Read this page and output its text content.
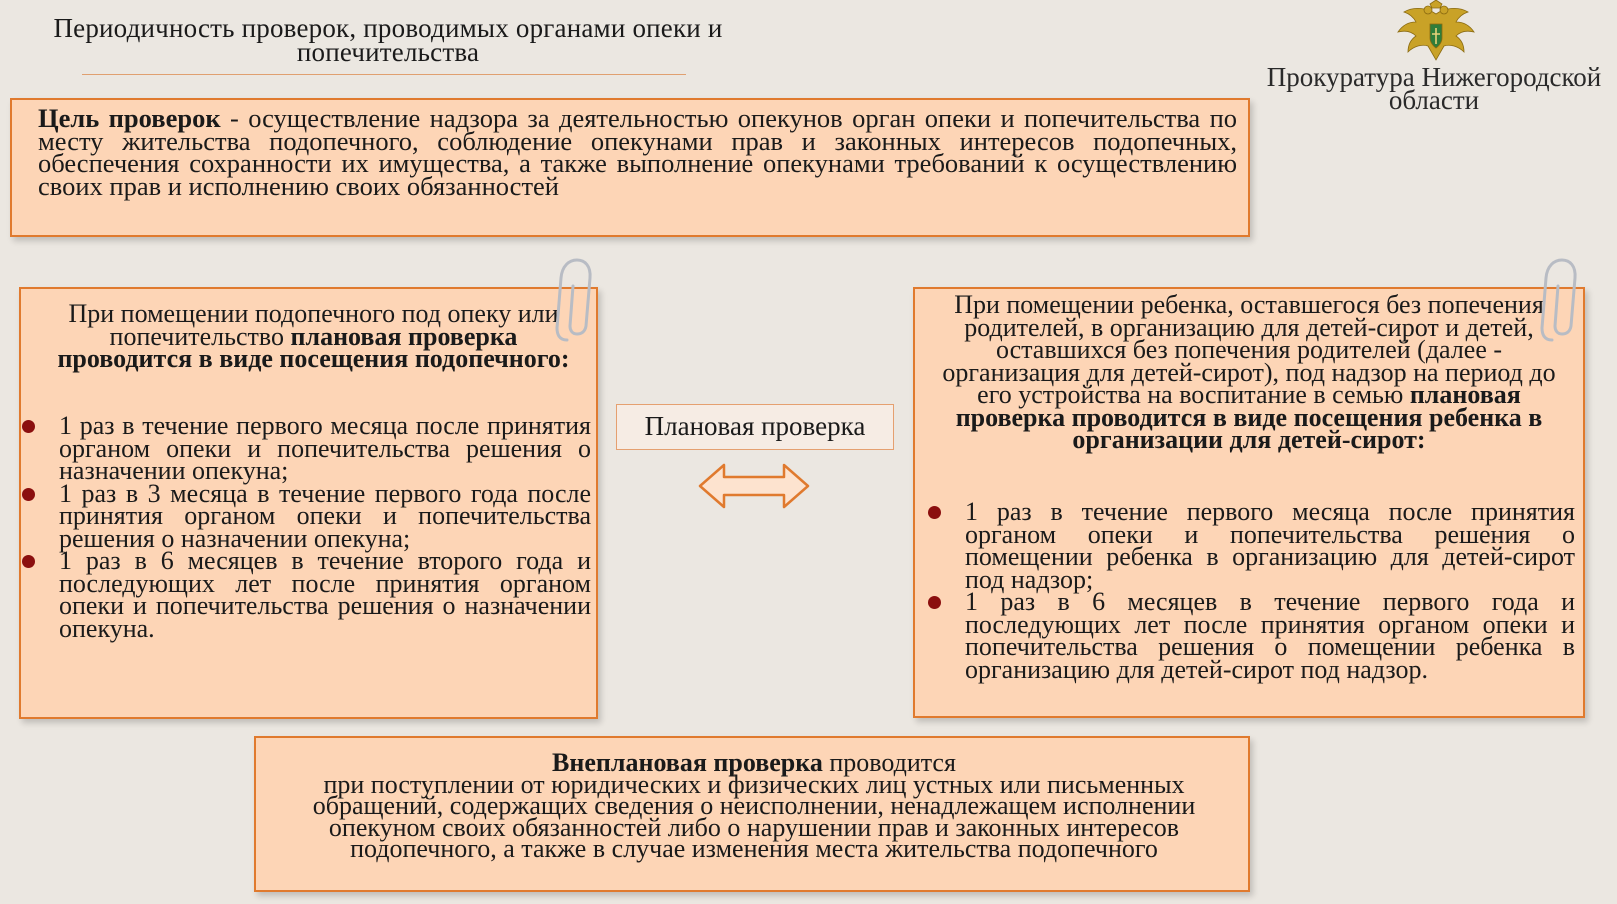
Периодичность проверок, проводимых органами опеки и попечительства
Прокуратура Нижегородской области
Цель проверок - осуществление надзора за деятельностью опекунов орган опеки и попечительства по месту жительства подопечного, соблюдение опекунами прав и законных интересов подопечных, обеспечения сохранности их имущества, а также выполнение опекунами требований к осуществлению своих прав и исполнению своих обязанностей
При помещении подопечного под опеку или попечительство плановая проверка проводится в виде посещения подопечного:
1 раз в течение первого месяца после принятия органом опеки и попечительства решения о назначении опекуна;
1 раз в 3 месяца в течение первого года после принятия органом опеки и попечительства решения о назначении опекуна;
1 раз в 6 месяцев в течение второго года и последующих лет после принятия органом опеки и попечительства решения о назначении опекуна.
Плановая проверка
При помещении ребенка, оставшегося без попечения родителей, в организацию для детей-сирот и детей, оставшихся без попечения родителей (далее - организация для детей-сирот), под надзор на период до его устройства на воспитание в семью плановая проверка проводится в виде посещения ребенка в организации для детей-сирот:
1 раз в течение первого месяца после принятия органом опеки и попечительства решения о помещении ребенка в организацию для детей-сирот под надзор;
1 раз в 6 месяцев в течение первого года и последующих лет после принятия органом опеки и попечительства решения о помещении ребенка в организацию для детей-сирот под надзор.
Внеплановая проверка проводится
при поступлении от юридических и физических лиц устных или письменных обращений, содержащих сведения о неисполнении, ненадлежащем исполнении опекуном своих обязанностей либо о нарушении прав и законных интересов подопечного, а также в случае изменения места жительства подопечного
